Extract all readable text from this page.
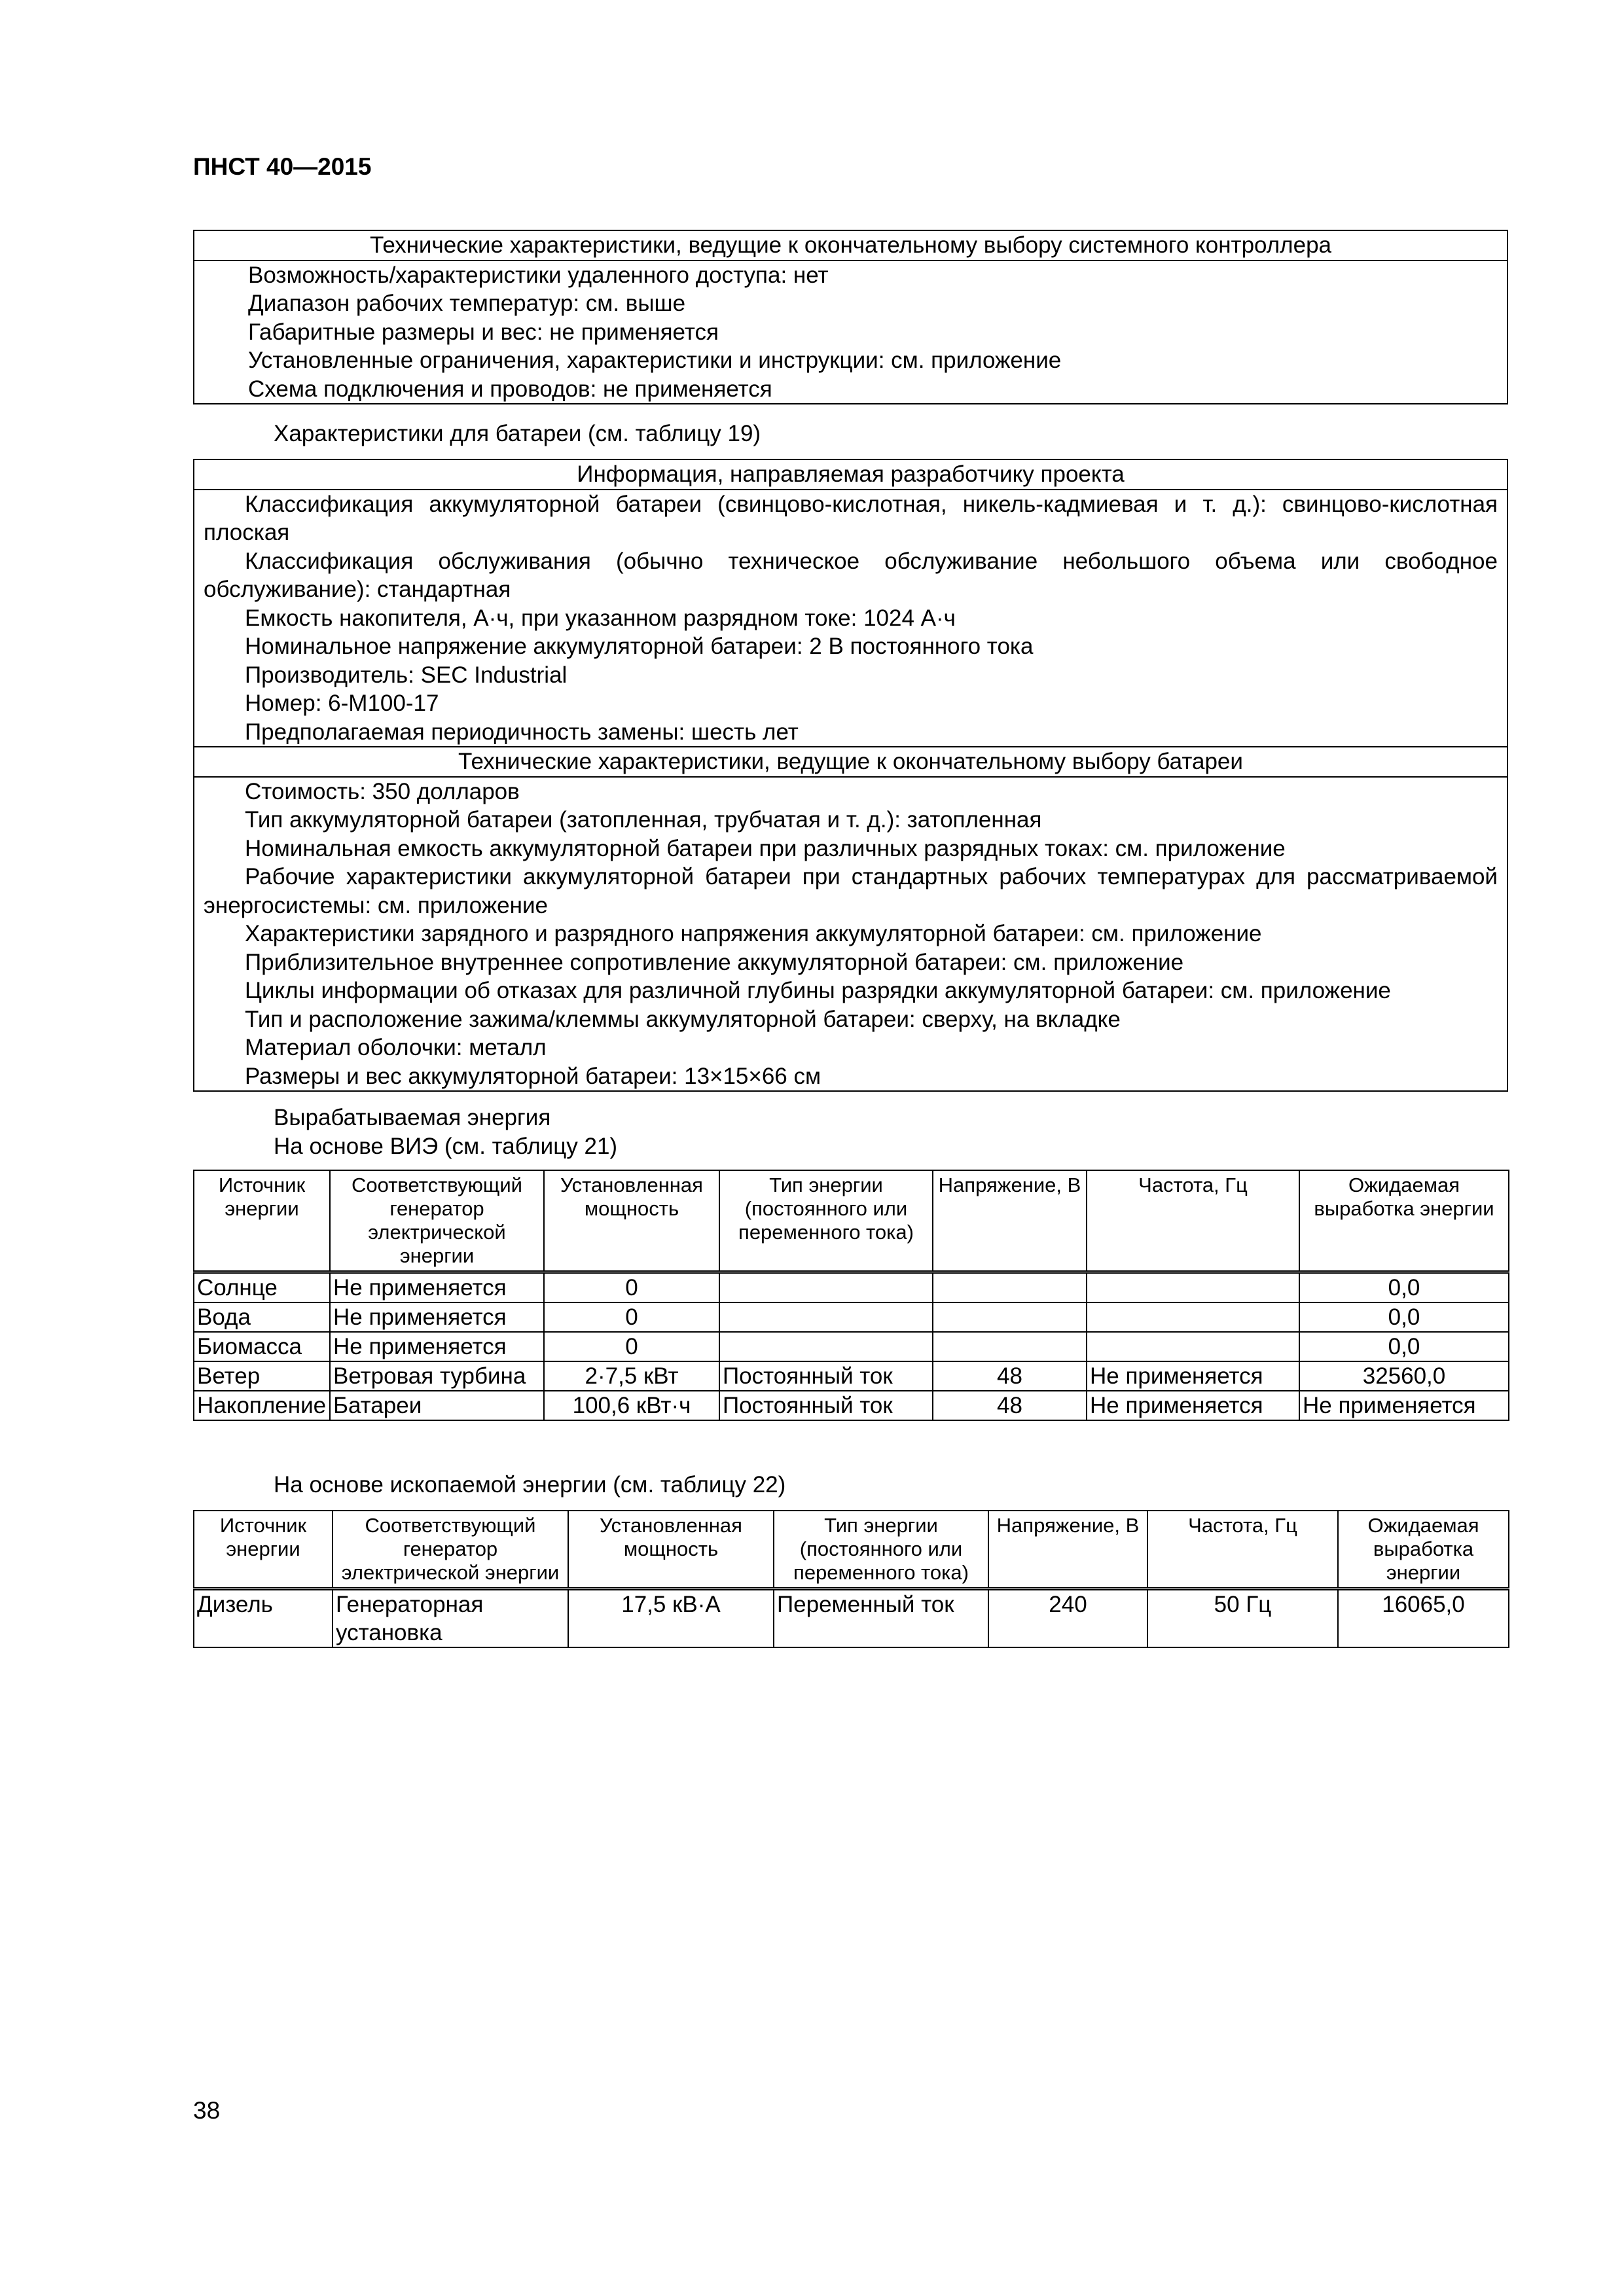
ПНСТ 40—2015
Технические характеристики, ведущие к окончательному выбору системного контроллера
Возможность/характеристики удаленного доступа: нет
Диапазон рабочих температур: см. выше
Габаритные размеры и вес: не применяется
Установленные ограничения, характеристики и инструкции: см. приложение
Схема подключения и проводов: не применяется
Характеристики для батареи (см. таблицу 19)
Информация, направляемая разработчику проекта

Классификация аккумуляторной батареи (свинцово-кислотная, никель-кадмиевая и т. д.): свинцово-кислотная плоская

Классификация обслуживания (обычно техническое обслуживание небольшого объема или свободное обслуживание): стандартная

Емкость накопителя, А·ч, при указанном разрядном токе: 1024 А·ч

Номинальное напряжение аккумуляторной батареи: 2 В постоянного тока

Производитель: SEC Industrial

Номер: 6-М100-17

Предполагаемая периодичность замены: шесть лет

Технические характеристики, ведущие к окончательному выбору батареи

Стоимость: 350 долларов

Тип аккумуляторной батареи (затопленная, трубчатая и т. д.): затопленная

Номинальная емкость аккумуляторной батареи при различных разрядных токах: см. приложение

Рабочие характеристики аккумуляторной батареи при стандартных рабочих температурах для рассматриваемой энергосистемы: см. приложение

Характеристики зарядного и разрядного напряжения аккумуляторной батареи: см. приложение

Приблизительное внутреннее сопротивление аккумуляторной батареи: см. приложение

Циклы информации об отказах для различной глубины разрядки аккумуляторной батареи: см. приложение

Тип и расположение зажима/клеммы аккумуляторной батареи: сверху, на вкладке

Материал оболочки: металл

Размеры и вес аккумуляторной батареи: 13×15×66 см

Вырабатываемая энергия
На основе ВИЭ (см. таблицу 21)
Источник энергии	Соответствующий генератор электрической энергии	Установленная мощность	Тип энергии (постоянного или переменного тока)	Напряжение, В	Частота, Гц	Ожидаемая выработка энергии
Солнце	Не применяется	0				0,0
Вода	Не применяется	0				0,0
Биомасса	Не применяется	0				0,0
Ветер	Ветровая турбина	2·7,5 кВт	Постоянный ток	48	Не применяется	32560,0
Накопление	Батареи	100,6 кВт·ч	Постоянный ток	48	Не применяется	Не применяется
На основе ископаемой энергии (см. таблицу 22)
Источник энергии	Соответствующий генератор электрической энергии	Установленная мощность	Тип энергии (постоянного или переменного тока)	Напряжение, В	Частота, Гц	Ожидаемая выработка энергии
Дизель	Генераторная установка	17,5 кВ·А	Переменный ток	240	50 Гц	16065,0
38
